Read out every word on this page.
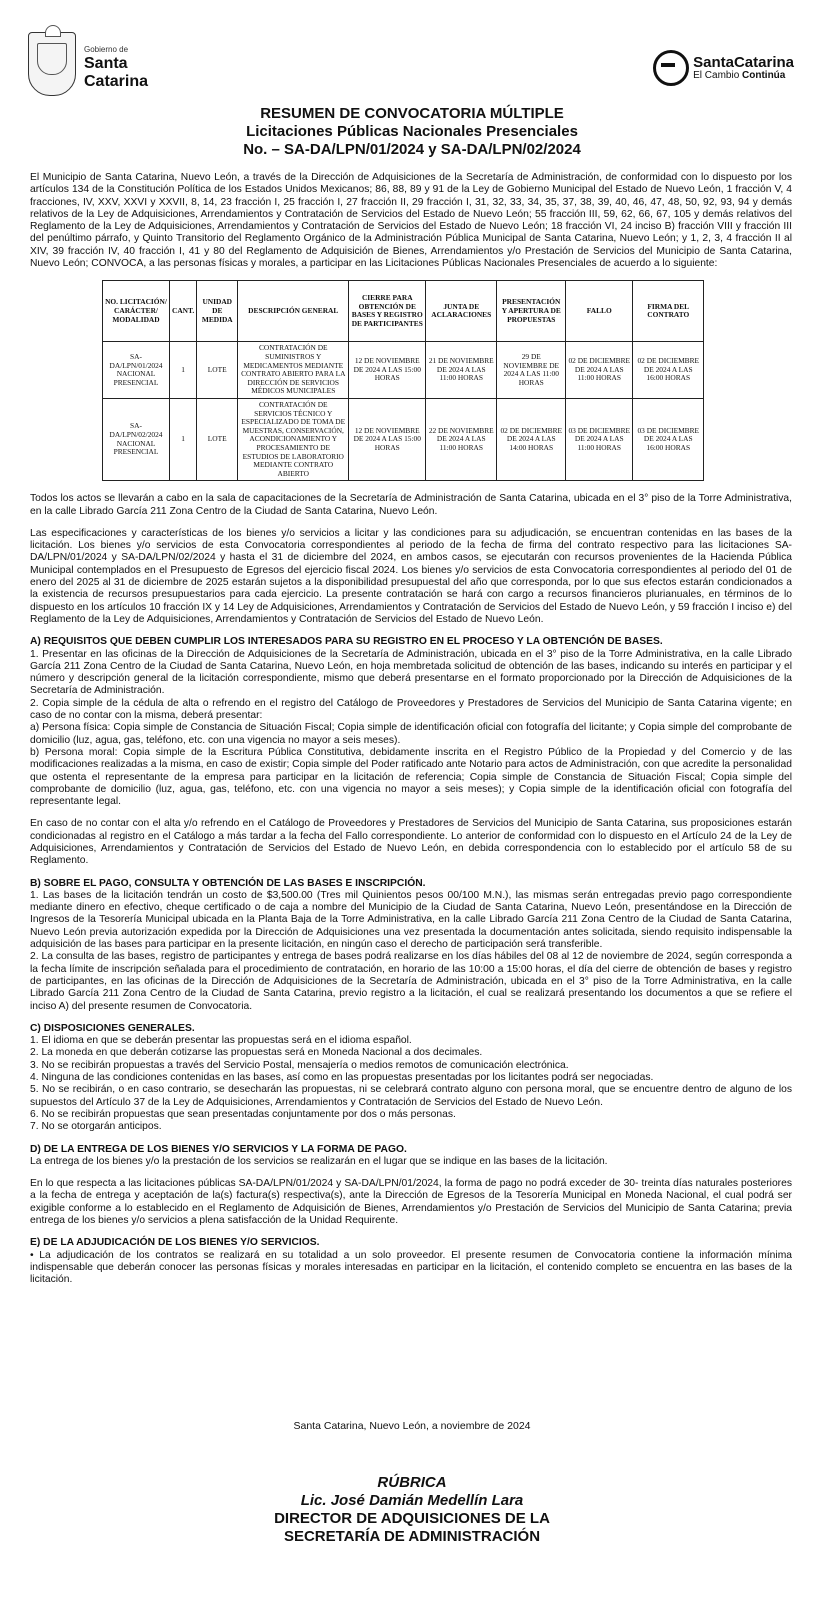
Gobierno de
Santa
Catarina
SantaCatarina
El Cambio Continúa
RESUMEN DE CONVOCATORIA MÚLTIPLE
Licitaciones Públicas Nacionales Presenciales
No. – SA-DA/LPN/01/2024 y SA-DA/LPN/02/2024

El Municipio de Santa Catarina, Nuevo León, a través de la Dirección de Adquisiciones de la Secretaría de Administración, de conformidad con lo dispuesto por los artículos 134 de la Constitución Política de los Estados Unidos Mexicanos; 86, 88, 89 y 91 de la Ley de Gobierno Municipal del Estado de Nuevo León, 1 fracción V, 4 fracciones, IV, XXV, XXVI y XXVII, 8, 14, 23 fracción I, 25 fracción I, 27 fracción II, 29 fracción I, 31, 32, 33, 34, 35, 37, 38, 39, 40, 46, 47, 48, 50, 92, 93, 94 y demás relativos de la Ley de Adquisiciones, Arrendamientos y Contratación de Servicios del Estado de Nuevo León; 55 fracción III, 59, 62, 66, 67, 105 y demás relativos del Reglamento de la Ley de Adquisiciones, Arrendamientos y Contratación de Servicios del Estado de Nuevo León; 18 fracción VI, 24 inciso B) fracción VIII y fracción III del penúltimo párrafo, y Quinto Transitorio del Reglamento Orgánico de la Administración Pública Municipal de Santa Catarina, Nuevo León; y 1, 2, 3, 4 fracción II al XIV, 39 fracción IV, 40 fracción I, 41 y 80 del Reglamento de Adquisición de Bienes, Arrendamientos y/o Prestación de Servicios del Municipio de Santa Catarina, Nuevo León; CONVOCA, a las personas físicas y morales, a participar en las Licitaciones Públicas Nacionales Presenciales de acuerdo a lo siguiente:

NO. LICITACIÓN/ CARÁCTER/ MODALIDAD	CANT.	UNIDAD DE MEDIDA	DESCRIPCIÓN GENERAL	CIERRE PARA OBTENCIÓN DE BASES Y REGISTRO DE PARTICIPANTES	JUNTA DE ACLARACIONES	PRESENTACIÓN Y APERTURA DE PROPUESTAS	FALLO	FIRMA DEL CONTRATO
SA-DA/LPN/01/2024 NACIONAL PRESENCIAL	1	LOTE	CONTRATACIÓN DE SUMINISTROS Y MEDICAMENTOS MEDIANTE CONTRATO ABIERTO PARA LA DIRECCIÓN DE SERVICIOS MÉDICOS MUNICIPALES	12 DE NOVIEMBRE DE 2024 A LAS 15:00 HORAS	21 DE NOVIEMBRE DE 2024 A LAS 11:00 HORAS	29 DE NOVIEMBRE DE 2024 A LAS 11:00 HORAS	02 DE DICIEMBRE DE 2024 A LAS 11:00 HORAS	02 DE DICIEMBRE DE 2024 A LAS 16:00 HORAS
SA-DA/LPN/02/2024 NACIONAL PRESENCIAL	1	LOTE	CONTRATACIÓN DE SERVICIOS TÉCNICO Y ESPECIALIZADO DE TOMA DE MUESTRAS, CONSERVACIÓN, ACONDICIONAMIENTO Y PROCESAMIENTO DE ESTUDIOS DE LABORATORIO MEDIANTE CONTRATO ABIERTO	12 DE NOVIEMBRE DE 2024 A LAS 15:00 HORAS	22 DE NOVIEMBRE DE 2024 A LAS 11:00 HORAS	02 DE DICIEMBRE DE 2024 A LAS 14:00 HORAS	03 DE DICIEMBRE DE 2024 A LAS 11:00 HORAS	03 DE DICIEMBRE DE 2024 A LAS 16:00 HORAS

Todos los actos se llevarán a cabo en la sala de capacitaciones de la Secretaría de Administración de Santa Catarina, ubicada en el 3° piso de la Torre Administrativa, en la calle Librado García 211 Zona Centro de la Ciudad de Santa Catarina, Nuevo León.

Las especificaciones y características de los bienes y/o servicios a licitar y las condiciones para su adjudicación, se encuentran contenidas en las bases de la licitación. Los bienes y/o servicios de esta Convocatoria correspondientes al periodo de la fecha de firma del contrato respectivo para las licitaciones SA-DA/LPN/01/2024 y SA-DA/LPN/02/2024 y hasta el 31 de diciembre del 2024, en ambos casos, se ejecutarán con recursos provenientes de la Hacienda Pública Municipal contemplados en el Presupuesto de Egresos del ejercicio fiscal 2024. Los bienes y/o servicios de esta Convocatoria correspondientes al periodo del 01 de enero del 2025 al 31 de diciembre de 2025 estarán sujetos a la disponibilidad presupuestal del año que corresponda, por lo que sus efectos estarán condicionados a la existencia de recursos presupuestarios para cada ejercicio. La presente contratación se hará con cargo a recursos financieros plurianuales, en términos de lo dispuesto en los artículos 10 fracción IX y 14 Ley de Adquisiciones, Arrendamientos y Contratación de Servicios del Estado de Nuevo León, y 59 fracción I inciso e) del Reglamento de la Ley de Adquisiciones, Arrendamientos y Contratación de Servicios del Estado de Nuevo León.

A) REQUISITOS QUE DEBEN CUMPLIR LOS INTERESADOS PARA SU REGISTRO EN EL PROCESO Y LA OBTENCIÓN DE BASES.

1. Presentar en las oficinas de la Dirección de Adquisiciones de la Secretaría de Administración, ubicada en el 3° piso de la Torre Administrativa, en la calle Librado García 211 Zona Centro de la Ciudad de Santa Catarina, Nuevo León, en hoja membretada solicitud de obtención de las bases, indicando su interés en participar y el número y descripción general de la licitación correspondiente, mismo que deberá presentarse en el formato proporcionado por la Dirección de Adquisiciones de la Secretaría de Administración.

2. Copia simple de la cédula de alta o refrendo en el registro del Catálogo de Proveedores y Prestadores de Servicios del Municipio de Santa Catarina vigente; en caso de no contar con la misma, deberá presentar:

a) Persona física: Copia simple de Constancia de Situación Fiscal; Copia simple de identificación oficial con fotografía del licitante; y Copia simple del comprobante de domicilio (luz, agua, gas, teléfono, etc. con una vigencia no mayor a seis meses).

b) Persona moral: Copia simple de la Escritura Pública Constitutiva, debidamente inscrita en el Registro Público de la Propiedad y del Comercio y de las modificaciones realizadas a la misma, en caso de existir; Copia simple del Poder ratificado ante Notario para actos de Administración, con que acredite la personalidad que ostenta el representante de la empresa para participar en la licitación de referencia; Copia simple de Constancia de Situación Fiscal; Copia simple del comprobante de domicilio (luz, agua, gas, teléfono, etc. con una vigencia no mayor a seis meses); y Copia simple de la identificación oficial con fotografía del representante legal.

En caso de no contar con el alta y/o refrendo en el Catálogo de Proveedores y Prestadores de Servicios del Municipio de Santa Catarina, sus proposiciones estarán condicionadas al registro en el Catálogo a más tardar a la fecha del Fallo correspondiente. Lo anterior de conformidad con lo dispuesto en el Artículo 24 de la Ley de Adquisiciones, Arrendamientos y Contratación de Servicios del Estado de Nuevo León, en debida correspondencia con lo establecido por el artículo 58 de su Reglamento.

B) SOBRE EL PAGO, CONSULTA Y OBTENCIÓN DE LAS BASES E INSCRIPCIÓN.

1. Las bases de la licitación tendrán un costo de $3,500.00 (Tres mil Quinientos pesos 00/100 M.N.), las mismas serán entregadas previo pago correspondiente mediante dinero en efectivo, cheque certificado o de caja a nombre del Municipio de la Ciudad de Santa Catarina, Nuevo León, presentándose en la Dirección de Ingresos de la Tesorería Municipal ubicada en la Planta Baja de la Torre Administrativa, en la calle Librado García 211 Zona Centro de la Ciudad de Santa Catarina, Nuevo León previa autorización expedida por la Dirección de Adquisiciones una vez presentada la documentación antes solicitada, siendo requisito indispensable la adquisición de las bases para participar en la presente licitación, en ningún caso el derecho de participación será transferible.

2. La consulta de las bases, registro de participantes y entrega de bases podrá realizarse en los días hábiles del 08 al 12 de noviembre de 2024, según corresponda a la fecha límite de inscripción señalada para el procedimiento de contratación, en horario de las 10:00 a 15:00 horas, el día del cierre de obtención de bases y registro de participantes, en las oficinas de la Dirección de Adquisiciones de la Secretaría de Administración, ubicada en el 3° piso de la Torre Administrativa, en la calle Librado García 211 Zona Centro de la Ciudad de Santa Catarina, previo registro a la licitación, el cual se realizará presentando los documentos a que se refiere el inciso A) del presente resumen de Convocatoria.

C) DISPOSICIONES GENERALES.

1. El idioma en que se deberán presentar las propuestas será en el idioma español.

2. La moneda en que deberán cotizarse las propuestas será en Moneda Nacional a dos decimales.

3. No se recibirán propuestas a través del Servicio Postal, mensajería o medios remotos de comunicación electrónica.

4. Ninguna de las condiciones contenidas en las bases, así como en las propuestas presentadas por los licitantes podrá ser negociadas.

5. No se recibirán, o en caso contrario, se desecharán las propuestas, ni se celebrará contrato alguno con persona moral, que se encuentre dentro de alguno de los supuestos del Artículo 37 de la Ley de Adquisiciones, Arrendamientos y Contratación de Servicios del Estado de Nuevo León.

6. No se recibirán propuestas que sean presentadas conjuntamente por dos o más personas.

7. No se otorgarán anticipos.

D) DE LA ENTREGA DE LOS BIENES Y/O SERVICIOS Y LA FORMA DE PAGO.

La entrega de los bienes y/o la prestación de los servicios se realizarán en el lugar que se indique en las bases de la licitación.

En lo que respecta a las licitaciones públicas SA-DA/LPN/01/2024 y SA-DA/LPN/01/2024, la forma de pago no podrá exceder de 30- treinta días naturales posteriores a la fecha de entrega y aceptación de la(s) factura(s) respectiva(s), ante la Dirección de Egresos de la Tesorería Municipal en Moneda Nacional, el cual podrá ser exigible conforme a lo establecido en el Reglamento de Adquisición de Bienes, Arrendamientos y/o Prestación de Servicios del Municipio de Santa Catarina; previa entrega de los bienes y/o servicios a plena satisfacción de la Unidad Requirente.

E) DE LA ADJUDICACIÓN DE LOS BIENES Y/O SERVICIOS.

• La adjudicación de los contratos se realizará en su totalidad a un solo proveedor. El presente resumen de Convocatoria contiene la información mínima indispensable que deberán conocer las personas físicas y morales interesadas en participar en la licitación, el contenido completo se encuentra en las bases de la licitación.

Santa Catarina, Nuevo León, a noviembre de 2024
RÚBRICA
Lic. José Damián Medellín Lara
DIRECTOR DE ADQUISICIONES DE LA
SECRETARÍA DE ADMINISTRACIÓN
